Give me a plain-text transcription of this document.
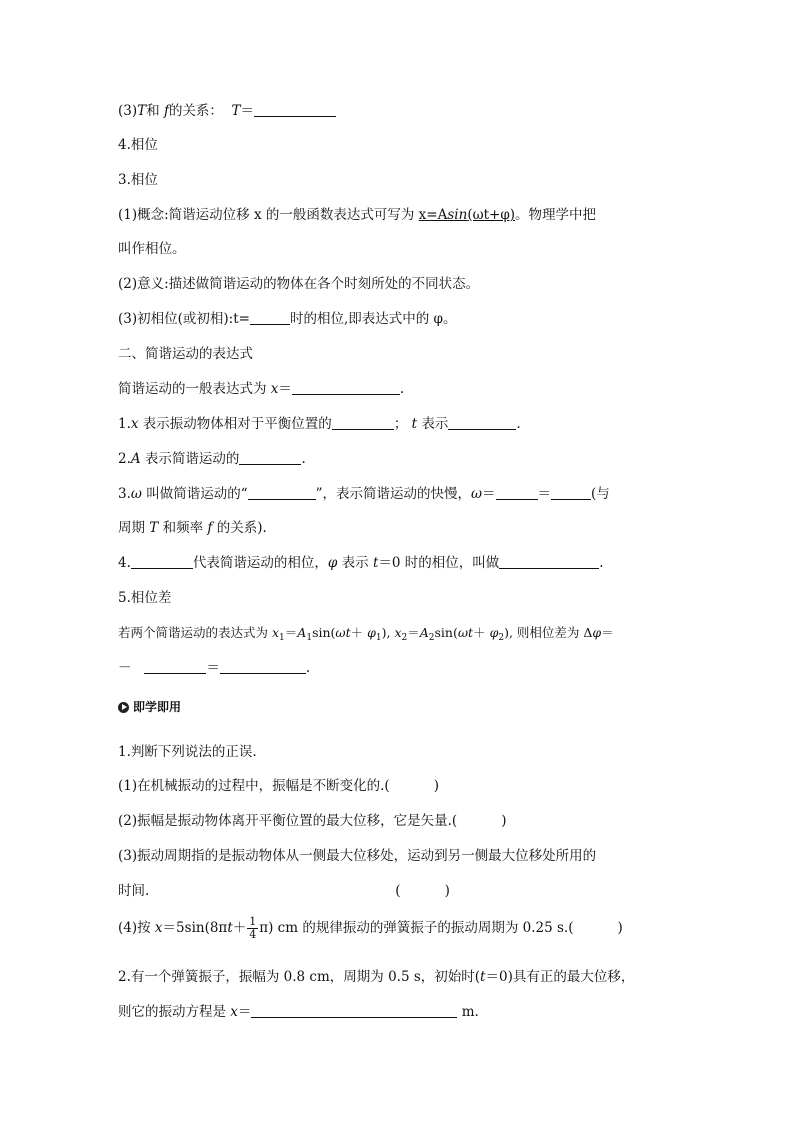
(3)T和 f的关系： T＝
4.相位
3.相位
(1)概念:简谐运动位移 x 的一般函数表达式可写为 x=Asin(ωt+φ)。物理学中把
叫作相位。
(2)意义:描述做简谐运动的物体在各个时刻所处的不同状态。
(3)初相位(或初相):t=	时的相位,即表达式中的 φ。
二、简谐运动的表达式
简谐运动的一般表达式为 x＝	.
1.x 表示振动物体相对于平衡位置的	； t 表示	.
2.A 表示简谐运动的	.
3.ω 叫做简谐运动的“	”，表示简谐运动的快慢，ω＝	＝	(与
周期 T 和频率 f 的关系).
4.	代表简谐运动的相位，φ 表示 t＝0 时的相位，叫做	.
5.相位差
若两个简谐运动的表达式为 $x_1=A_1\sin(\omega t+ \varphi_1)$, $x_2=A_2\sin(\omega t+ \varphi_2)$, 则相位差为 Δφ＝
－	＝	.
即学即用
1.判断下列说法的正误.
(1)在机械振动的过程中，振幅是不断变化的.(	)
(2)振幅是振动物体离开平衡位置的最大位移，它是矢量.(	)
(3)振动周期指的是振动物体从一侧最大位移处，运动到另一侧最大位移处所用的
时间.	(	)
(4)按 $x=5\sin(8\pi t+ \frac{1}{4} \pi)$ cm 的规律振动的弹簧振子的振动周期为 0.25 s.(	)
2.有一个弹簧振子，振幅为 0.8 cm，周期为 0.5 s，初始时(t＝0)具有正的最大位移，
则它的振动方程是 x＝	m.
